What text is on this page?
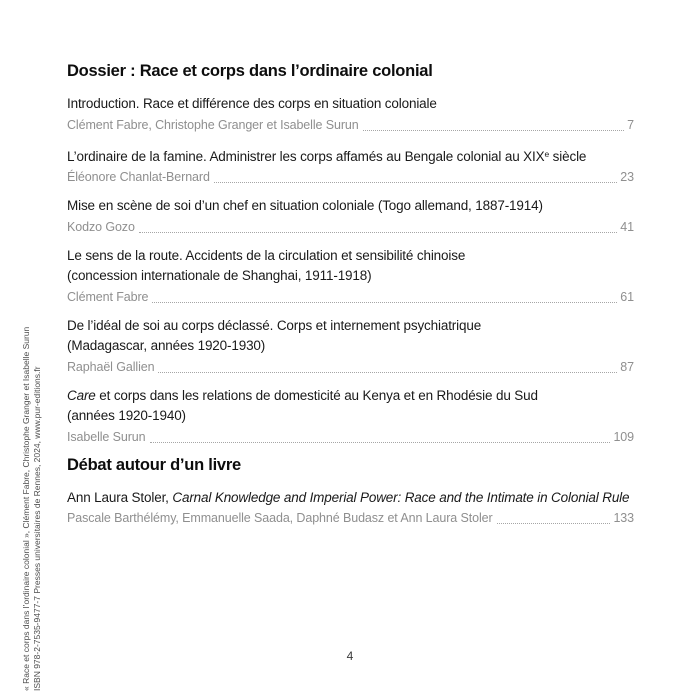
« Race et corps dans l’ordinaire colonial », Clément Fabre, Christophe Granger et Isabelle Surun ISBN 978-2-7535-9477-7 Presses universitaires de Rennes, 2024, www.pur-editions.fr
Dossier : Race et corps dans l’ordinaire colonial
Introduction. Race et différence des corps en situation coloniale
Clément Fabre, Christophe Granger et Isabelle Surun	7
L’ordinaire de la famine. Administrer les corps affamés au Bengale colonial au XIXe siècle
Éléonore Chanlat-Bernard	23
Mise en scène de soi d’un chef en situation coloniale (Togo allemand, 1887-1914)
Kodzo Gozo	41
Le sens de la route. Accidents de la circulation et sensibilité chinoise
(concession internationale de Shanghai, 1911-1918)
Clément Fabre	61
De l’idéal de soi au corps déclassé. Corps et internement psychiatrique
(Madagascar, années 1920-1930)
Raphaël Gallien	87
Care et corps dans les relations de domesticité au Kenya et en Rhodésie du Sud
(années 1920-1940)
Isabelle Surun	109
Débat autour d’un livre
Ann Laura Stoler, Carnal Knowledge and Imperial Power: Race and the Intimate in Colonial Rule
Pascale Barthélémy, Emmanuelle Saada, Daphné Budasz et Ann Laura Stoler	133
4
